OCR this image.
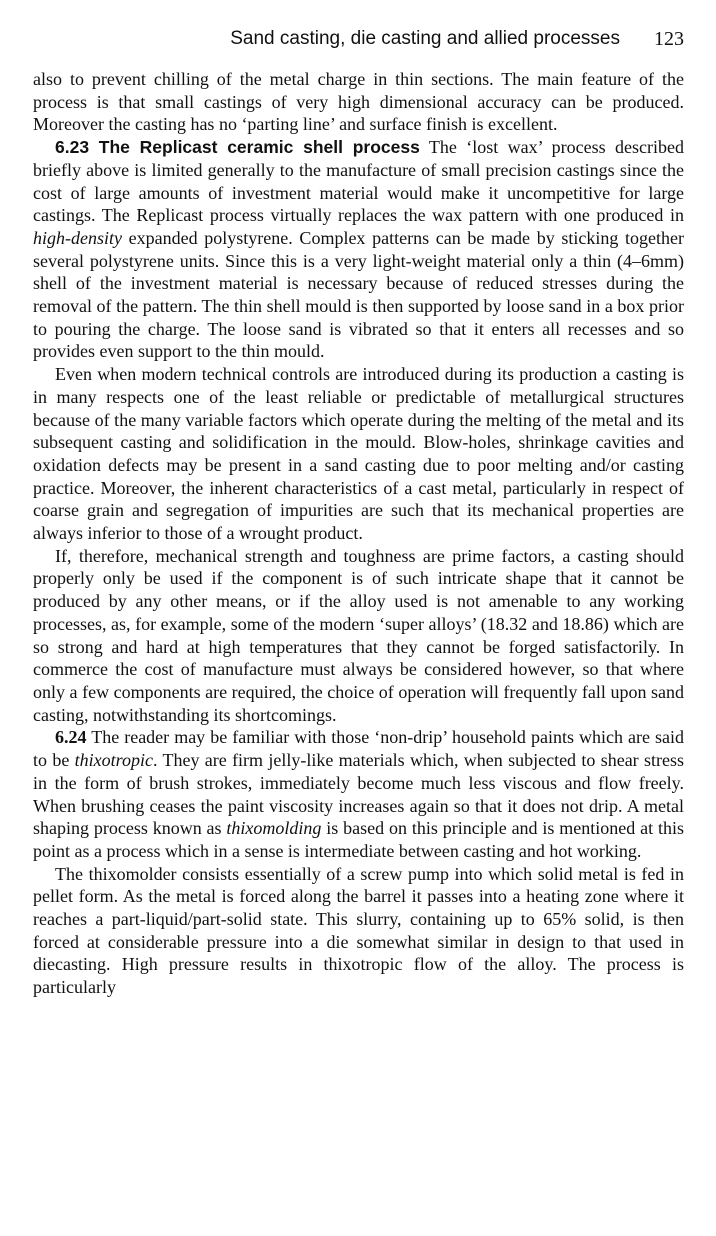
Sand casting, die casting and allied processes 123

also to prevent chilling of the metal charge in thin sections. The main feature of the process is that small castings of very high dimensional accuracy can be produced. Moreover the casting has no ‘parting line’ and surface finish is excellent.

6.23 The Replicast ceramic shell process The ‘lost wax’ process described briefly above is limited generally to the manufacture of small precision castings since the cost of large amounts of investment material would make it uncompetitive for large castings. The Replicast process virtually replaces the wax pattern with one produced in high-density expanded polystyrene. Complex patterns can be made by sticking together several polystyrene units. Since this is a very light-weight material only a thin (4–6mm) shell of the investment material is necessary because of reduced stresses during the removal of the pattern. The thin shell mould is then supported by loose sand in a box prior to pouring the charge. The loose sand is vibrated so that it enters all recesses and so provides even support to the thin mould.

Even when modern technical controls are introduced during its production a casting is in many respects one of the least reliable or predictable of metallurgical structures because of the many variable factors which operate during the melting of the metal and its subsequent casting and solidification in the mould. Blow-holes, shrinkage cavities and oxidation defects may be present in a sand casting due to poor melting and/or casting practice. Moreover, the inherent characteristics of a cast metal, particularly in respect of coarse grain and segregation of impurities are such that its mechanical properties are always inferior to those of a wrought product.

If, therefore, mechanical strength and toughness are prime factors, a casting should properly only be used if the component is of such intricate shape that it cannot be produced by any other means, or if the alloy used is not amenable to any working processes, as, for example, some of the modern ‘super alloys’ (18.32 and 18.86) which are so strong and hard at high temperatures that they cannot be forged satisfactorily. In commerce the cost of manufacture must always be considered however, so that where only a few components are required, the choice of operation will frequently fall upon sand casting, notwithstanding its shortcomings.

6.24 The reader may be familiar with those ‘non-drip’ household paints which are said to be thixotropic. They are firm jelly-like materials which, when subjected to shear stress in the form of brush strokes, immediately become much less viscous and flow freely. When brushing ceases the paint viscosity increases again so that it does not drip. A metal shaping process known as thixomolding is based on this principle and is mentioned at this point as a process which in a sense is intermediate between casting and hot working.

The thixomolder consists essentially of a screw pump into which solid metal is fed in pellet form. As the metal is forced along the barrel it passes into a heating zone where it reaches a part-liquid/part-solid state. This slurry, containing up to 65% solid, is then forced at considerable pressure into a die somewhat similar in design to that used in diecasting. High pressure results in thixotropic flow of the alloy. The process is particularly
